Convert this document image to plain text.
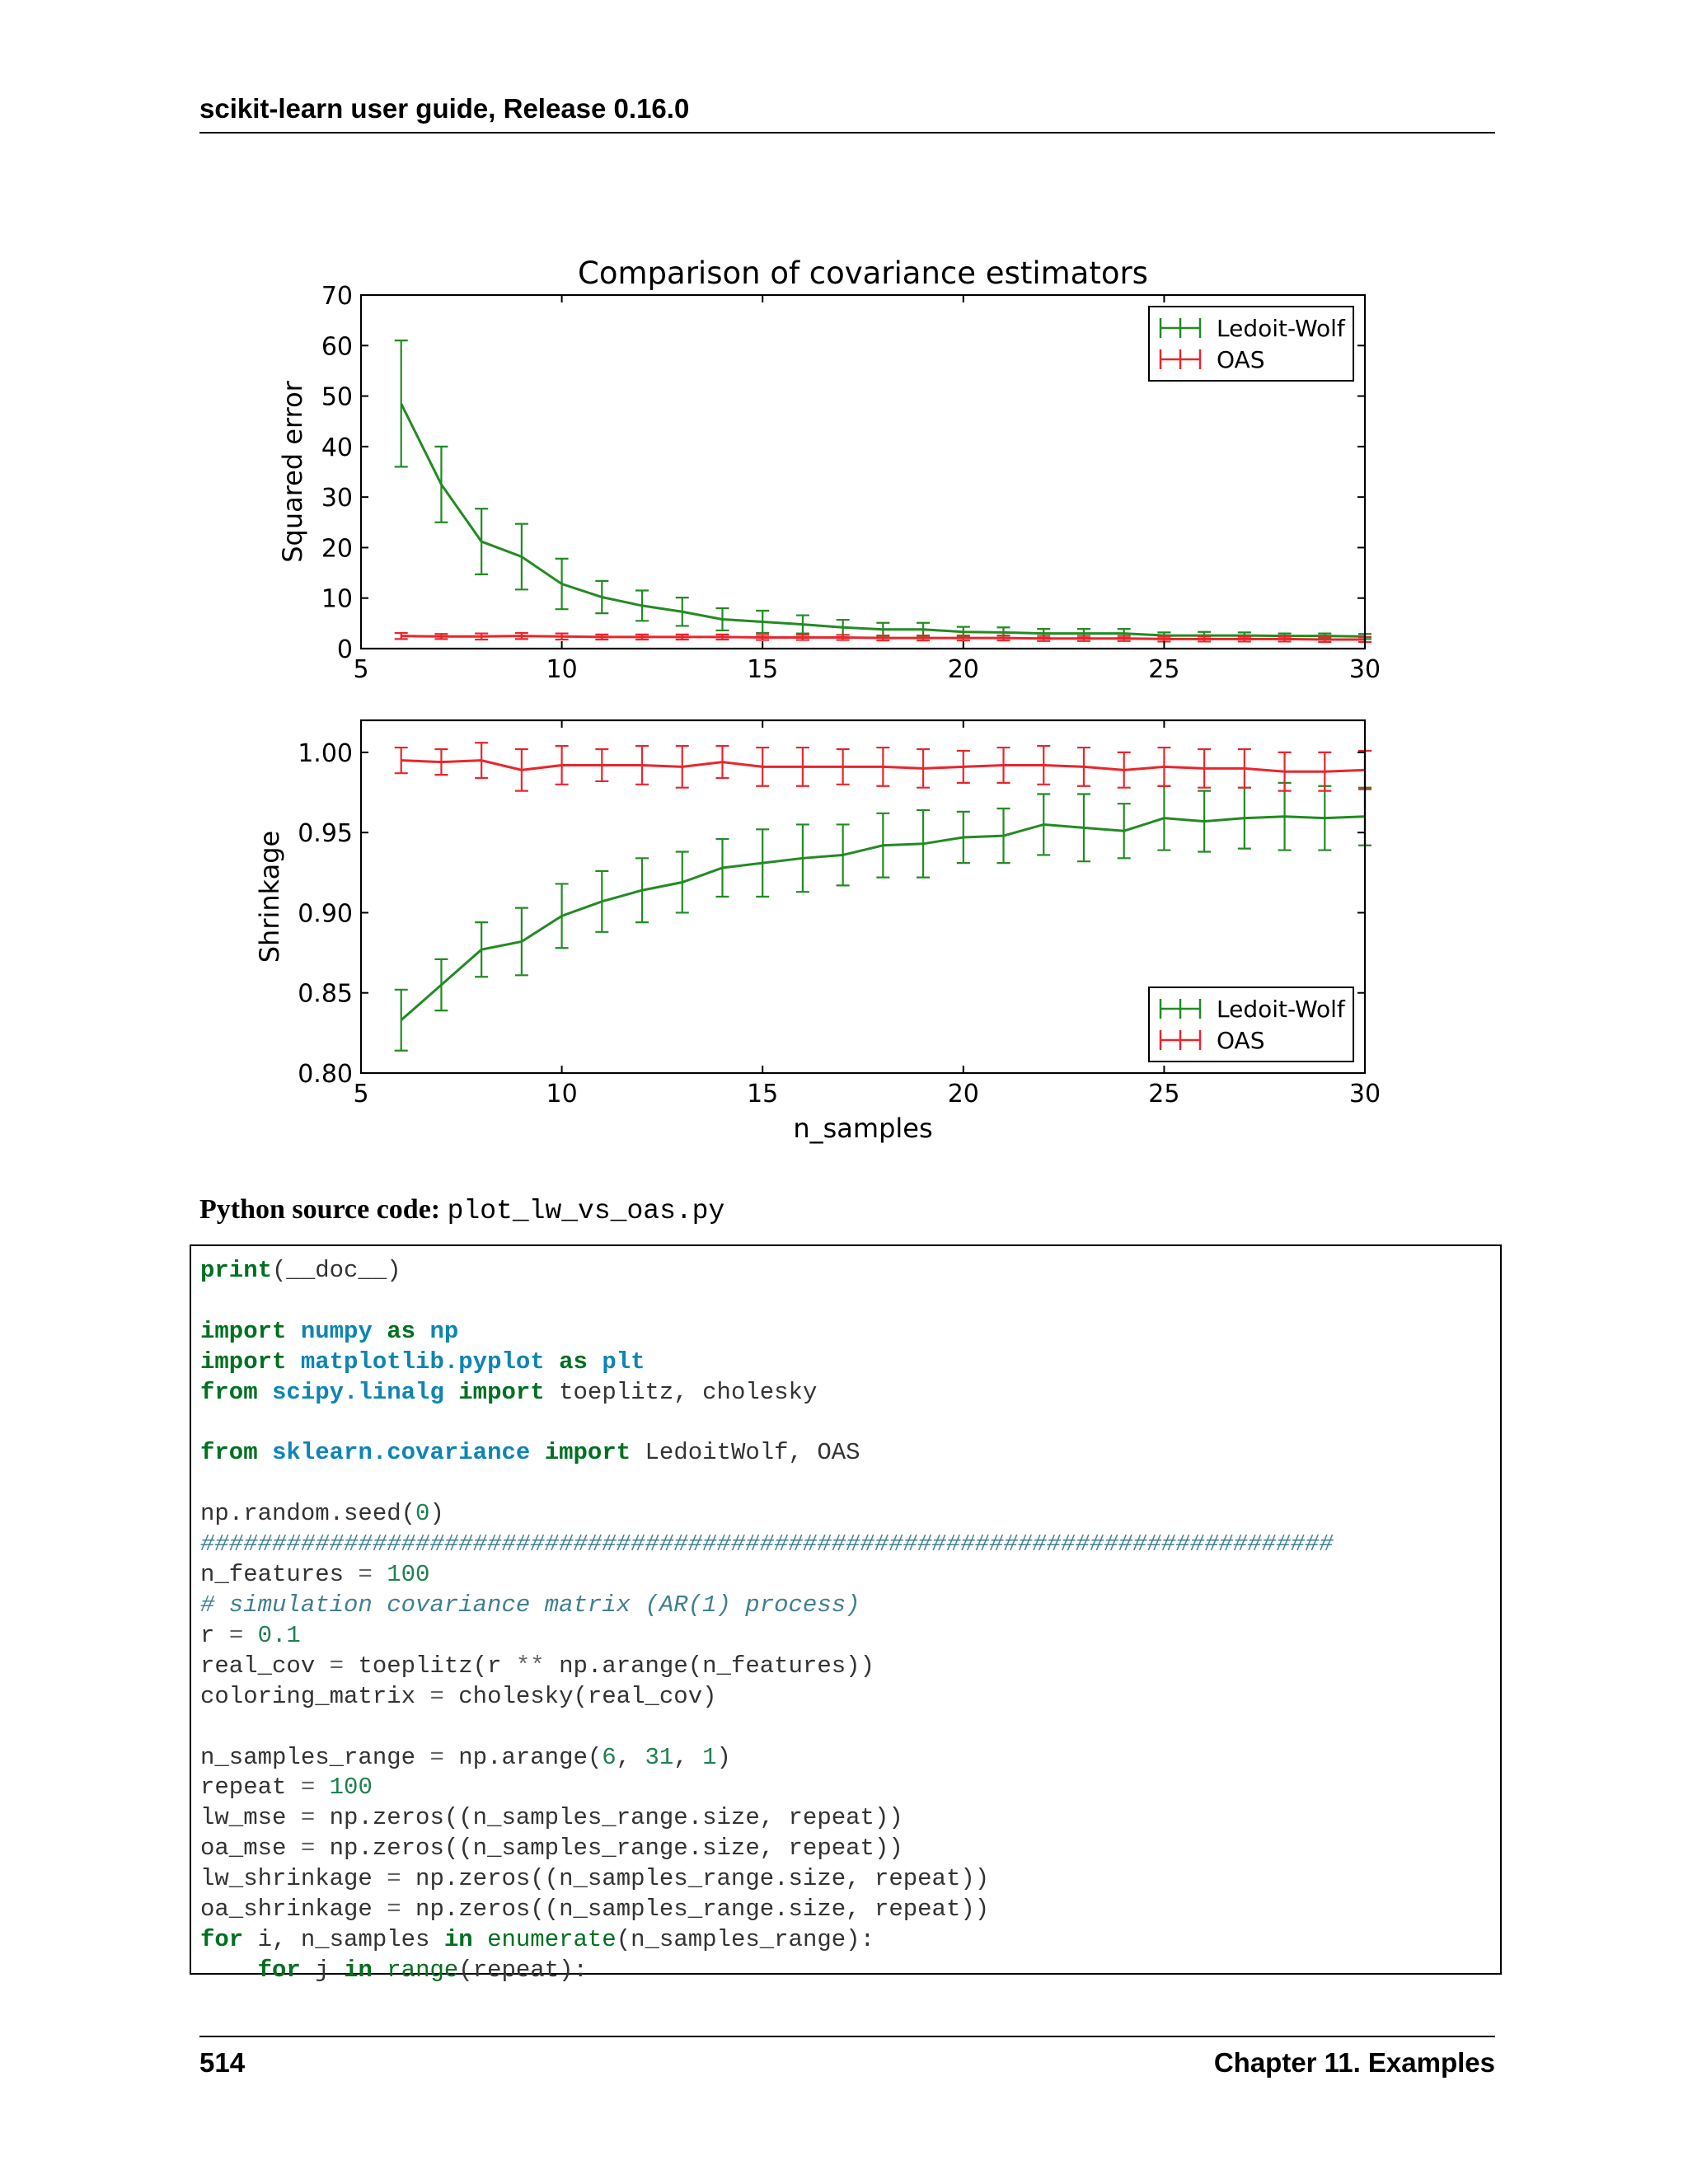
scikit-learn user guide, Release 0.16.0
Comparison of covariance estimators
5	10	15	20	25	30
0
10
20
30
40
50
60
70
Squared error
Ledoit-Wolf
OAS
5	10	15	20	25	30
0.80
0.85
0.90
0.95
1.00
Shrinkage
n_samples
Ledoit-Wolf
OAS
Python source code: plot_lw_vs_oas.py
print(__doc__)

import numpy as np
import matplotlib.pyplot as plt
from scipy.linalg import toeplitz, cholesky

from sklearn.covariance import LedoitWolf, OAS

np.random.seed(0)
###############################################################################
n_features = 100
# simulation covariance matrix (AR(1) process)
r = 0.1
real_cov = toeplitz(r ** np.arange(n_features))
coloring_matrix = cholesky(real_cov)

n_samples_range = np.arange(6, 31, 1)
repeat = 100
lw_mse = np.zeros((n_samples_range.size, repeat))
oa_mse = np.zeros((n_samples_range.size, repeat))
lw_shrinkage = np.zeros((n_samples_range.size, repeat))
oa_shrinkage = np.zeros((n_samples_range.size, repeat))
for i, n_samples in enumerate(n_samples_range):
for j in range(repeat):
514	Chapter 11. Examples
